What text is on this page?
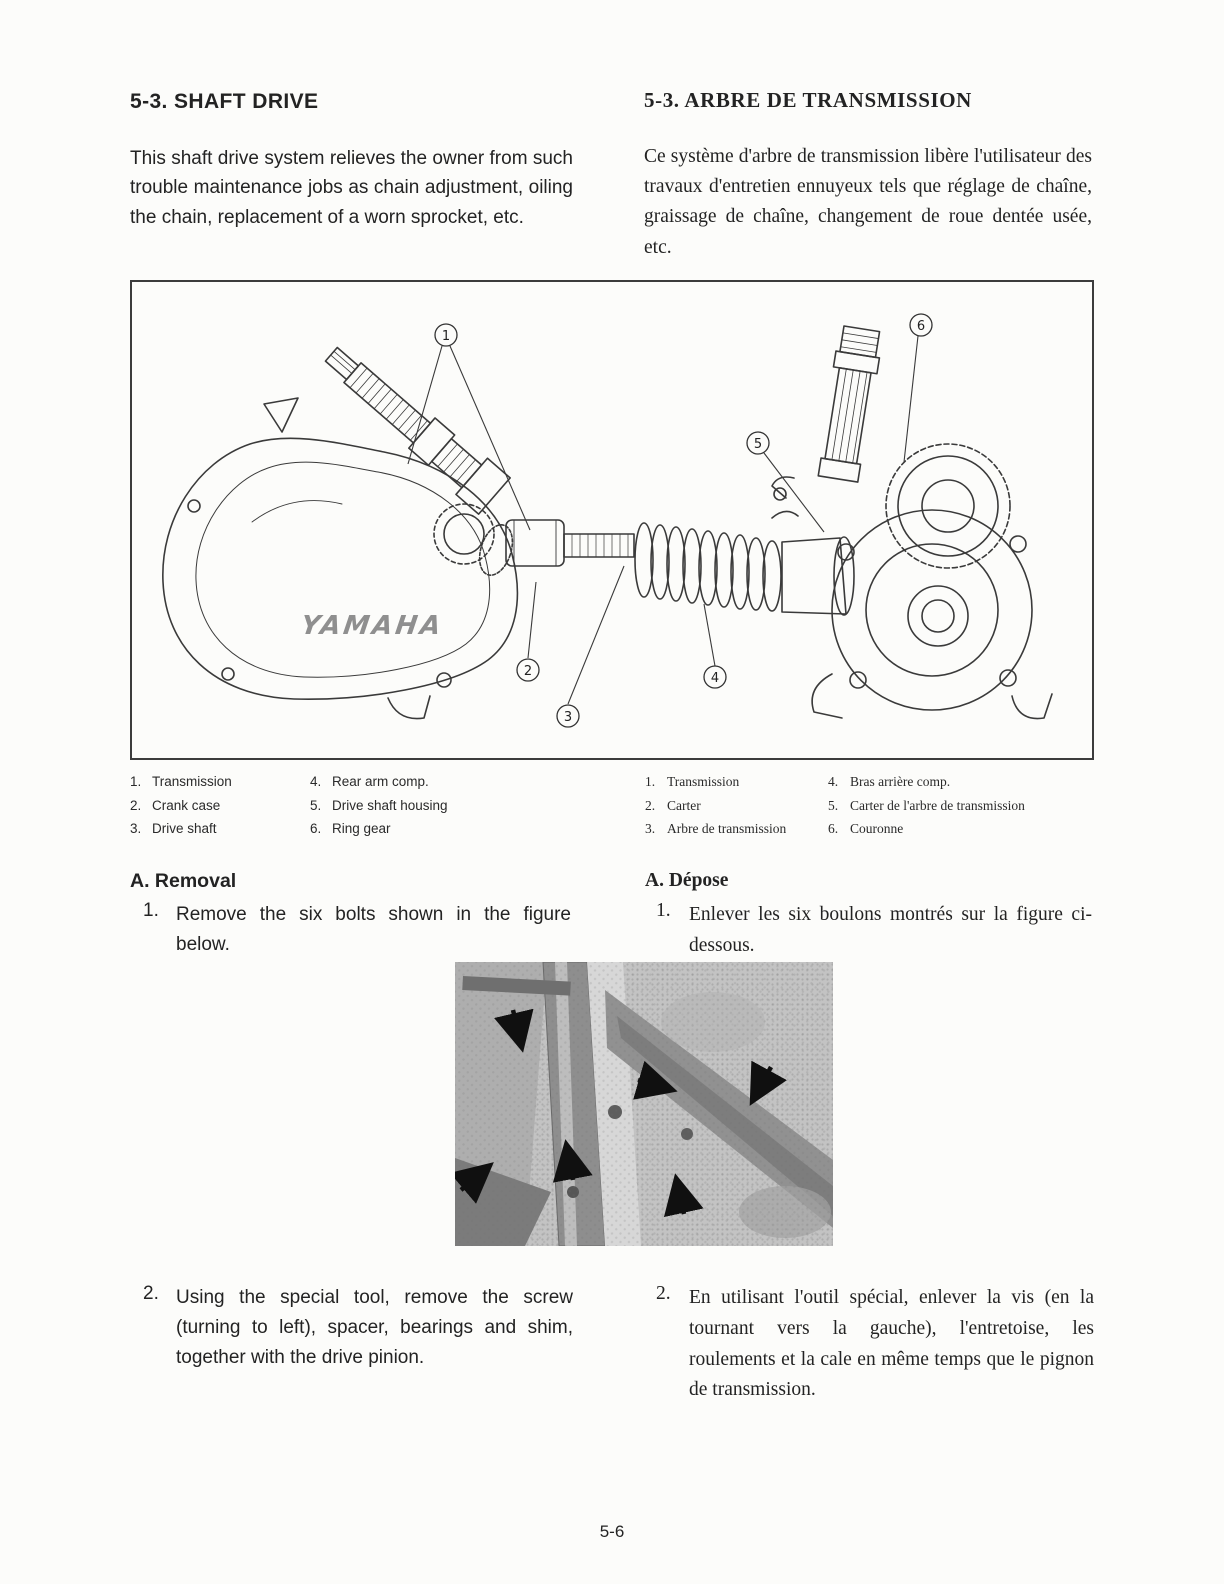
5-3. SHAFT DRIVE	5-3. ARBRE DE TRANSMISSION
This shaft drive system relieves the owner from such trouble maintenance jobs as chain adjustment, oiling the chain, replacement of a worn sprocket, etc.
Ce système d'arbre de transmission libère l'utilisateur des travaux d'entretien ennuyeux tels que réglage de chaîne, graissage de chaîne, changement de roue dentée usée, etc.
YAMAHA
1
2
3
4
5
6
1. Transmission
2. Crank case
3. Drive shaft
4. Rear arm comp.
5. Drive shaft housing
6. Ring gear
1. Transmission
2. Carter
3. Arbre de transmission
4. Bras arrière comp.
5. Carter de l'arbre de transmission
6. Couronne
A. Removal
1. Remove the six bolts shown in the figure below.
A. Dépose
1. Enlever les six boulons montrés sur la figure ci-dessous.
2. Using the special tool, remove the screw (turning to left), spacer, bearings and shim, together with the drive pinion.
2. En utilisant l'outil spécial, enlever la vis (en la tournant vers la gauche), l'entretoise, les roulements et la cale en même temps que le pignon de transmission.
5-6
